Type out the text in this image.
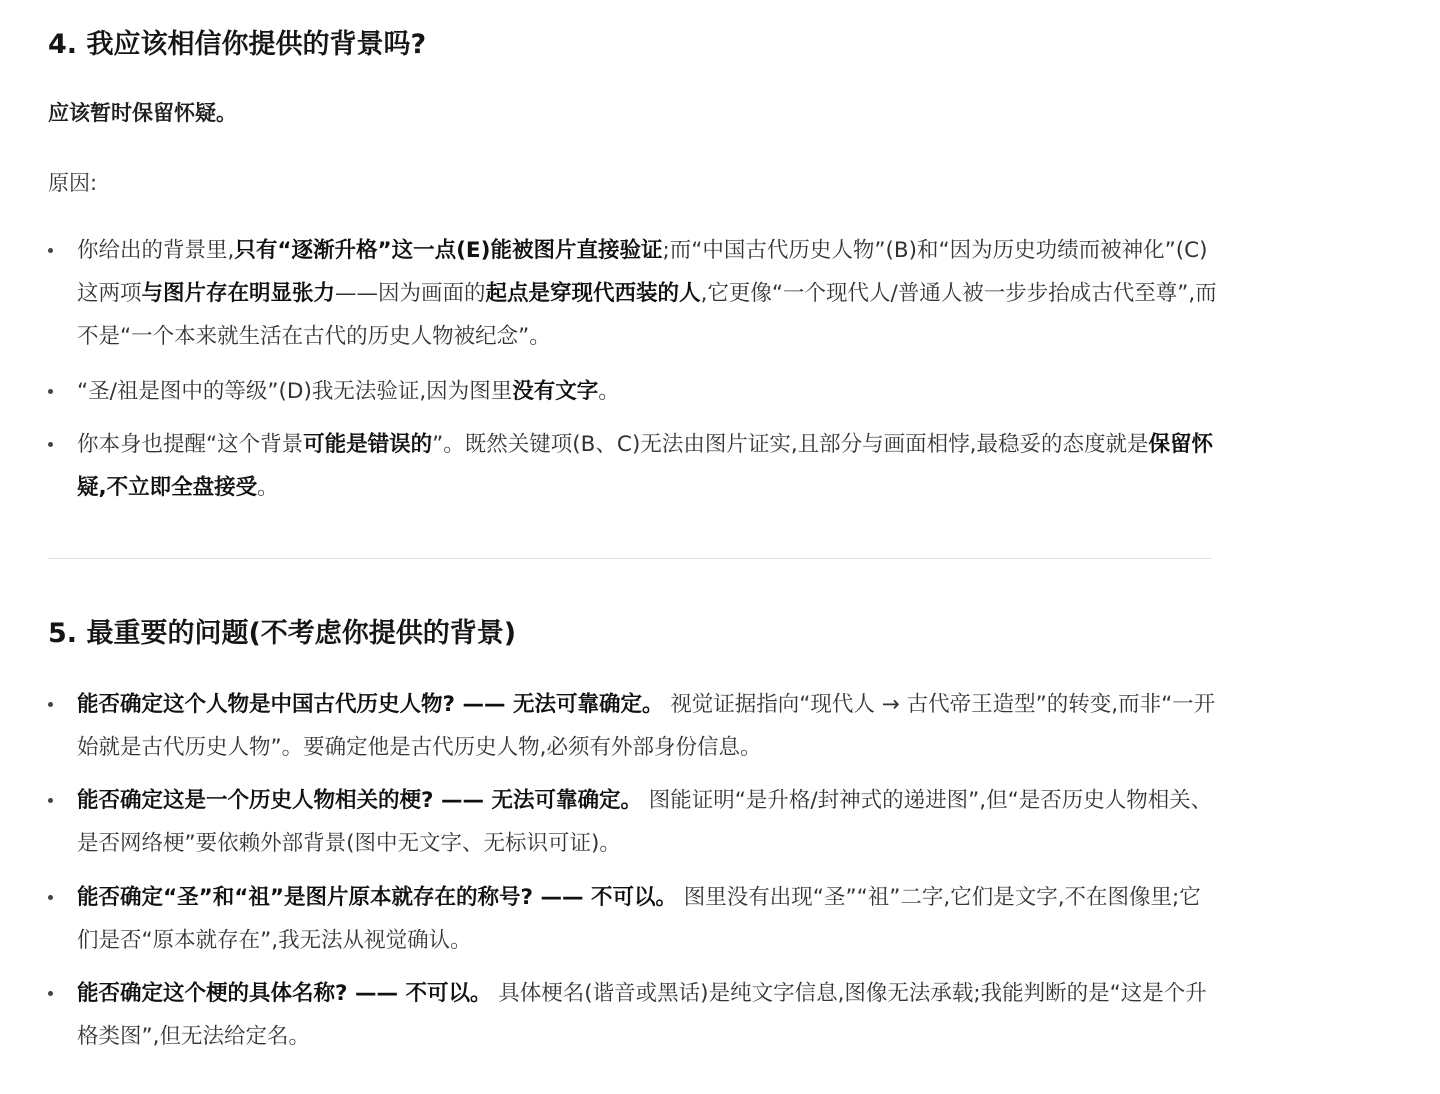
4. 我应该相信你提供的背景吗?

应该暂时保留怀疑。

原因:

你给出的背景里,只有“逐渐升格”这一点(E)能被图片直接验证;而“中国古代历史人物”(B)和“因为历史功绩而被神化”(C)这两项与图片存在明显张力——因为画面的起点是穿现代西装的人,它更像“一个现代人/普通人被一步步抬成古代至尊”,而不是“一个本来就生活在古代的历史人物被纪念”。
“圣/祖是图中的等级”(D)我无法验证,因为图里没有文字。
你本身也提醒“这个背景可能是错误的”。既然关键项(B、C)无法由图片证实,且部分与画面相悖,最稳妥的态度就是保留怀疑,不立即全盘接受。
5. 最重要的问题(不考虑你提供的背景)
能否确定这个人物是中国古代历史人物? —— 无法可靠确定。 视觉证据指向“现代人 → 古代帝王造型”的转变,而非“一开始就是古代历史人物”。要确定他是古代历史人物,必须有外部身份信息。
能否确定这是一个历史人物相关的梗? —— 无法可靠确定。 图能证明“是升格/封神式的递进图”,但“是否历史人物相关、是否网络梗”要依赖外部背景(图中无文字、无标识可证)。
能否确定“圣”和“祖”是图片原本就存在的称号? —— 不可以。 图里没有出现“圣”“祖”二字,它们是文字,不在图像里;它们是否“原本就存在”,我无法从视觉确认。
能否确定这个梗的具体名称? —— 不可以。 具体梗名(谐音或黑话)是纯文字信息,图像无法承载;我能判断的是“这是个升格类图”,但无法给定名。
